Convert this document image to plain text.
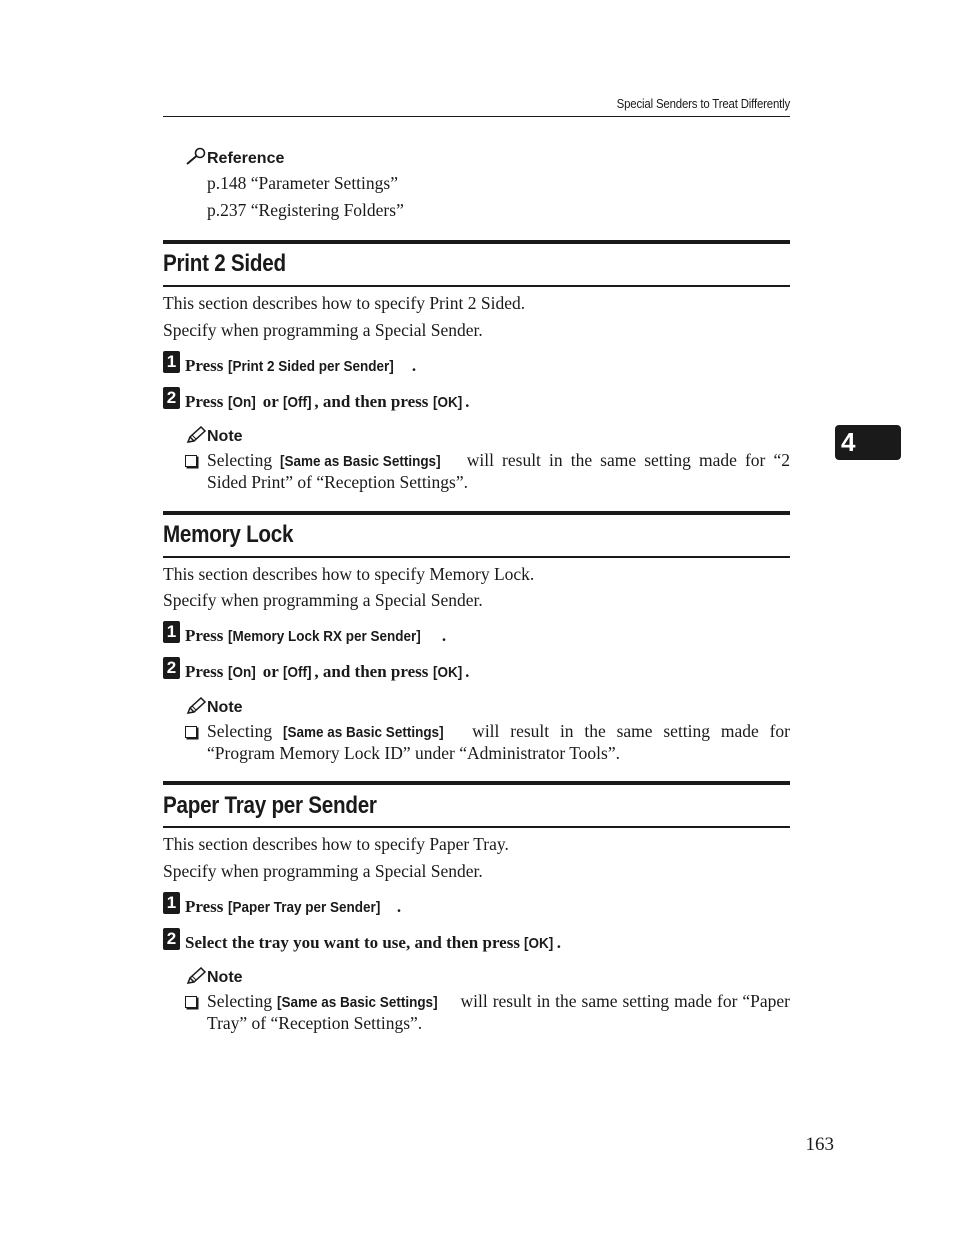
Special Senders to Treat Differently
Reference
p.148 “Parameter Settings”
p.237 “Registering Folders”
Print 2 Sided
This section describes how to specify Print 2 Sided.
Specify when programming a Special Sender.
1 Press [Print 2 Sided per Sender] .
2 Press [On] or [Off] , and then press [OK] .
Note
Selecting [Same as Basic Settings] will result in the same setting made for “2 Sided Print” of “Reception Settings”.
Memory Lock
This section describes how to specify Memory Lock.
Specify when programming a Special Sender.
1 Press [Memory Lock RX per Sender] .
2 Press [On] or [Off] , and then press [OK] .
Note
Selecting [Same as Basic Settings] will result in the same setting made for “Program Memory Lock ID” under “Administrator Tools”.
Paper Tray per Sender
This section describes how to specify Paper Tray.
Specify when programming a Special Sender.
1 Press [Paper Tray per Sender] .
2 Select the tray you want to use, and then press [OK] .
Note
Selecting [Same as Basic Settings] will result in the same setting made for “Paper Tray” of “Reception Settings”.
4
163
